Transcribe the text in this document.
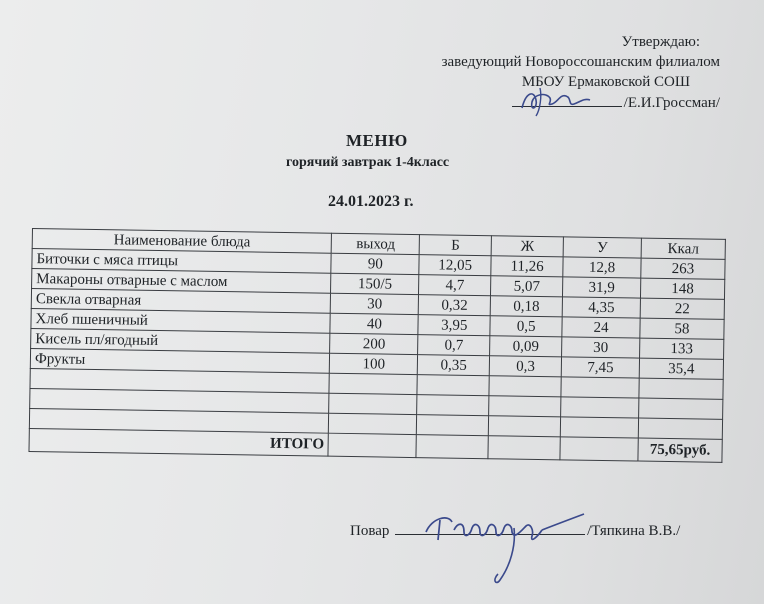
Утверждаю:
заведующий Новороссошанским филиалом
МБОУ Ермаковской СОШ
/Е.И.Гроссман/
МЕНЮ
горячий завтрак 1-4класс
24.01.2023 г.
Наименование блюда	выход	Б	Ж	У	Ккал
Биточки с мяса птицы	90	12,05	11,26	12,8	263
Макароны отварные с маслом	150/5	4,7	5,07	31,9	148
Свекла отварная	30	0,32	0,18	4,35	22
Хлеб пшеничный	40	3,95	0,5	24	58
Кисель пл/ягодный	200	0,7	0,09	30	133
Фрукты	100	0,35	0,3	7,45	35,4

ИТОГО					75,65руб.
Повар	/Тяпкина В.В./
